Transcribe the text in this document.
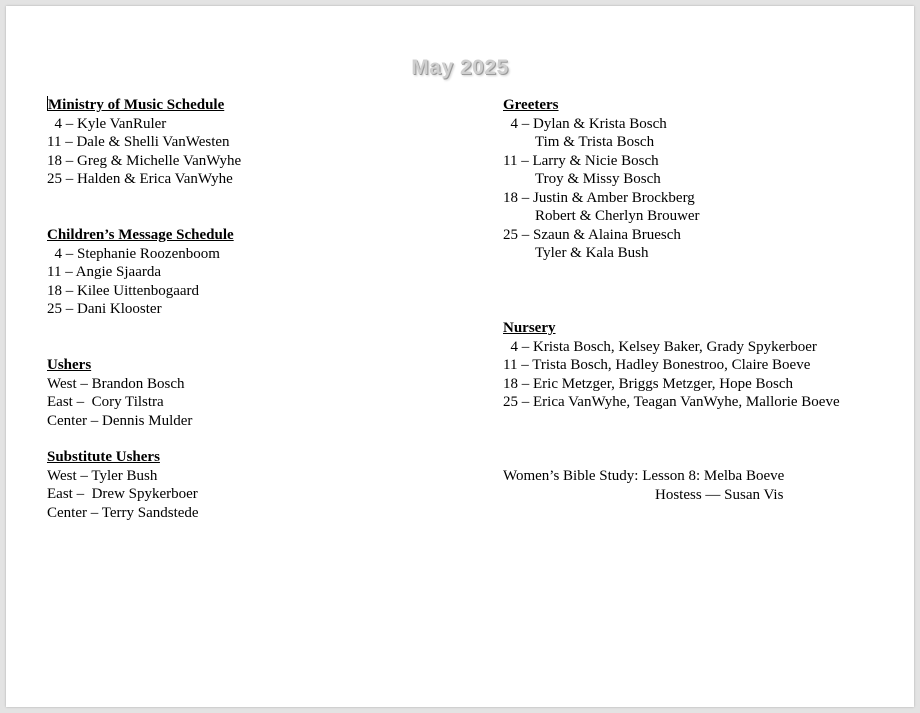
May 2025
Ministry of Music Schedule
4 – Kyle VanRuler
11 – Dale & Shelli VanWesten
18 – Greg & Michelle VanWyhe
25 – Halden & Erica VanWyhe
Children’s Message Schedule
4 – Stephanie Roozenboom
11 – Angie Sjaarda
18 – Kilee Uittenbogaard
25 – Dani Klooster
Ushers
West – Brandon Bosch
East –  Cory Tilstra
Center – Dennis Mulder
Substitute Ushers
West – Tyler Bush
East –  Drew Spykerboer
Center – Terry Sandstede
Greeters
4 – Dylan & Krista Bosch
Tim & Trista Bosch
11 – Larry & Nicie Bosch
Troy & Missy Bosch
18 – Justin & Amber Brockberg
Robert & Cherlyn Brouwer
25 – Szaun & Alaina Bruesch
Tyler & Kala Bush
Nursery
4 – Krista Bosch, Kelsey Baker, Grady Spykerboer
11 – Trista Bosch, Hadley Bonestroo, Claire Boeve
18 – Eric Metzger, Briggs Metzger, Hope Bosch
25 – Erica VanWyhe, Teagan VanWyhe, Mallorie Boeve
Women’s Bible Study: Lesson 8: Melba Boeve
Hostess — Susan Vis
